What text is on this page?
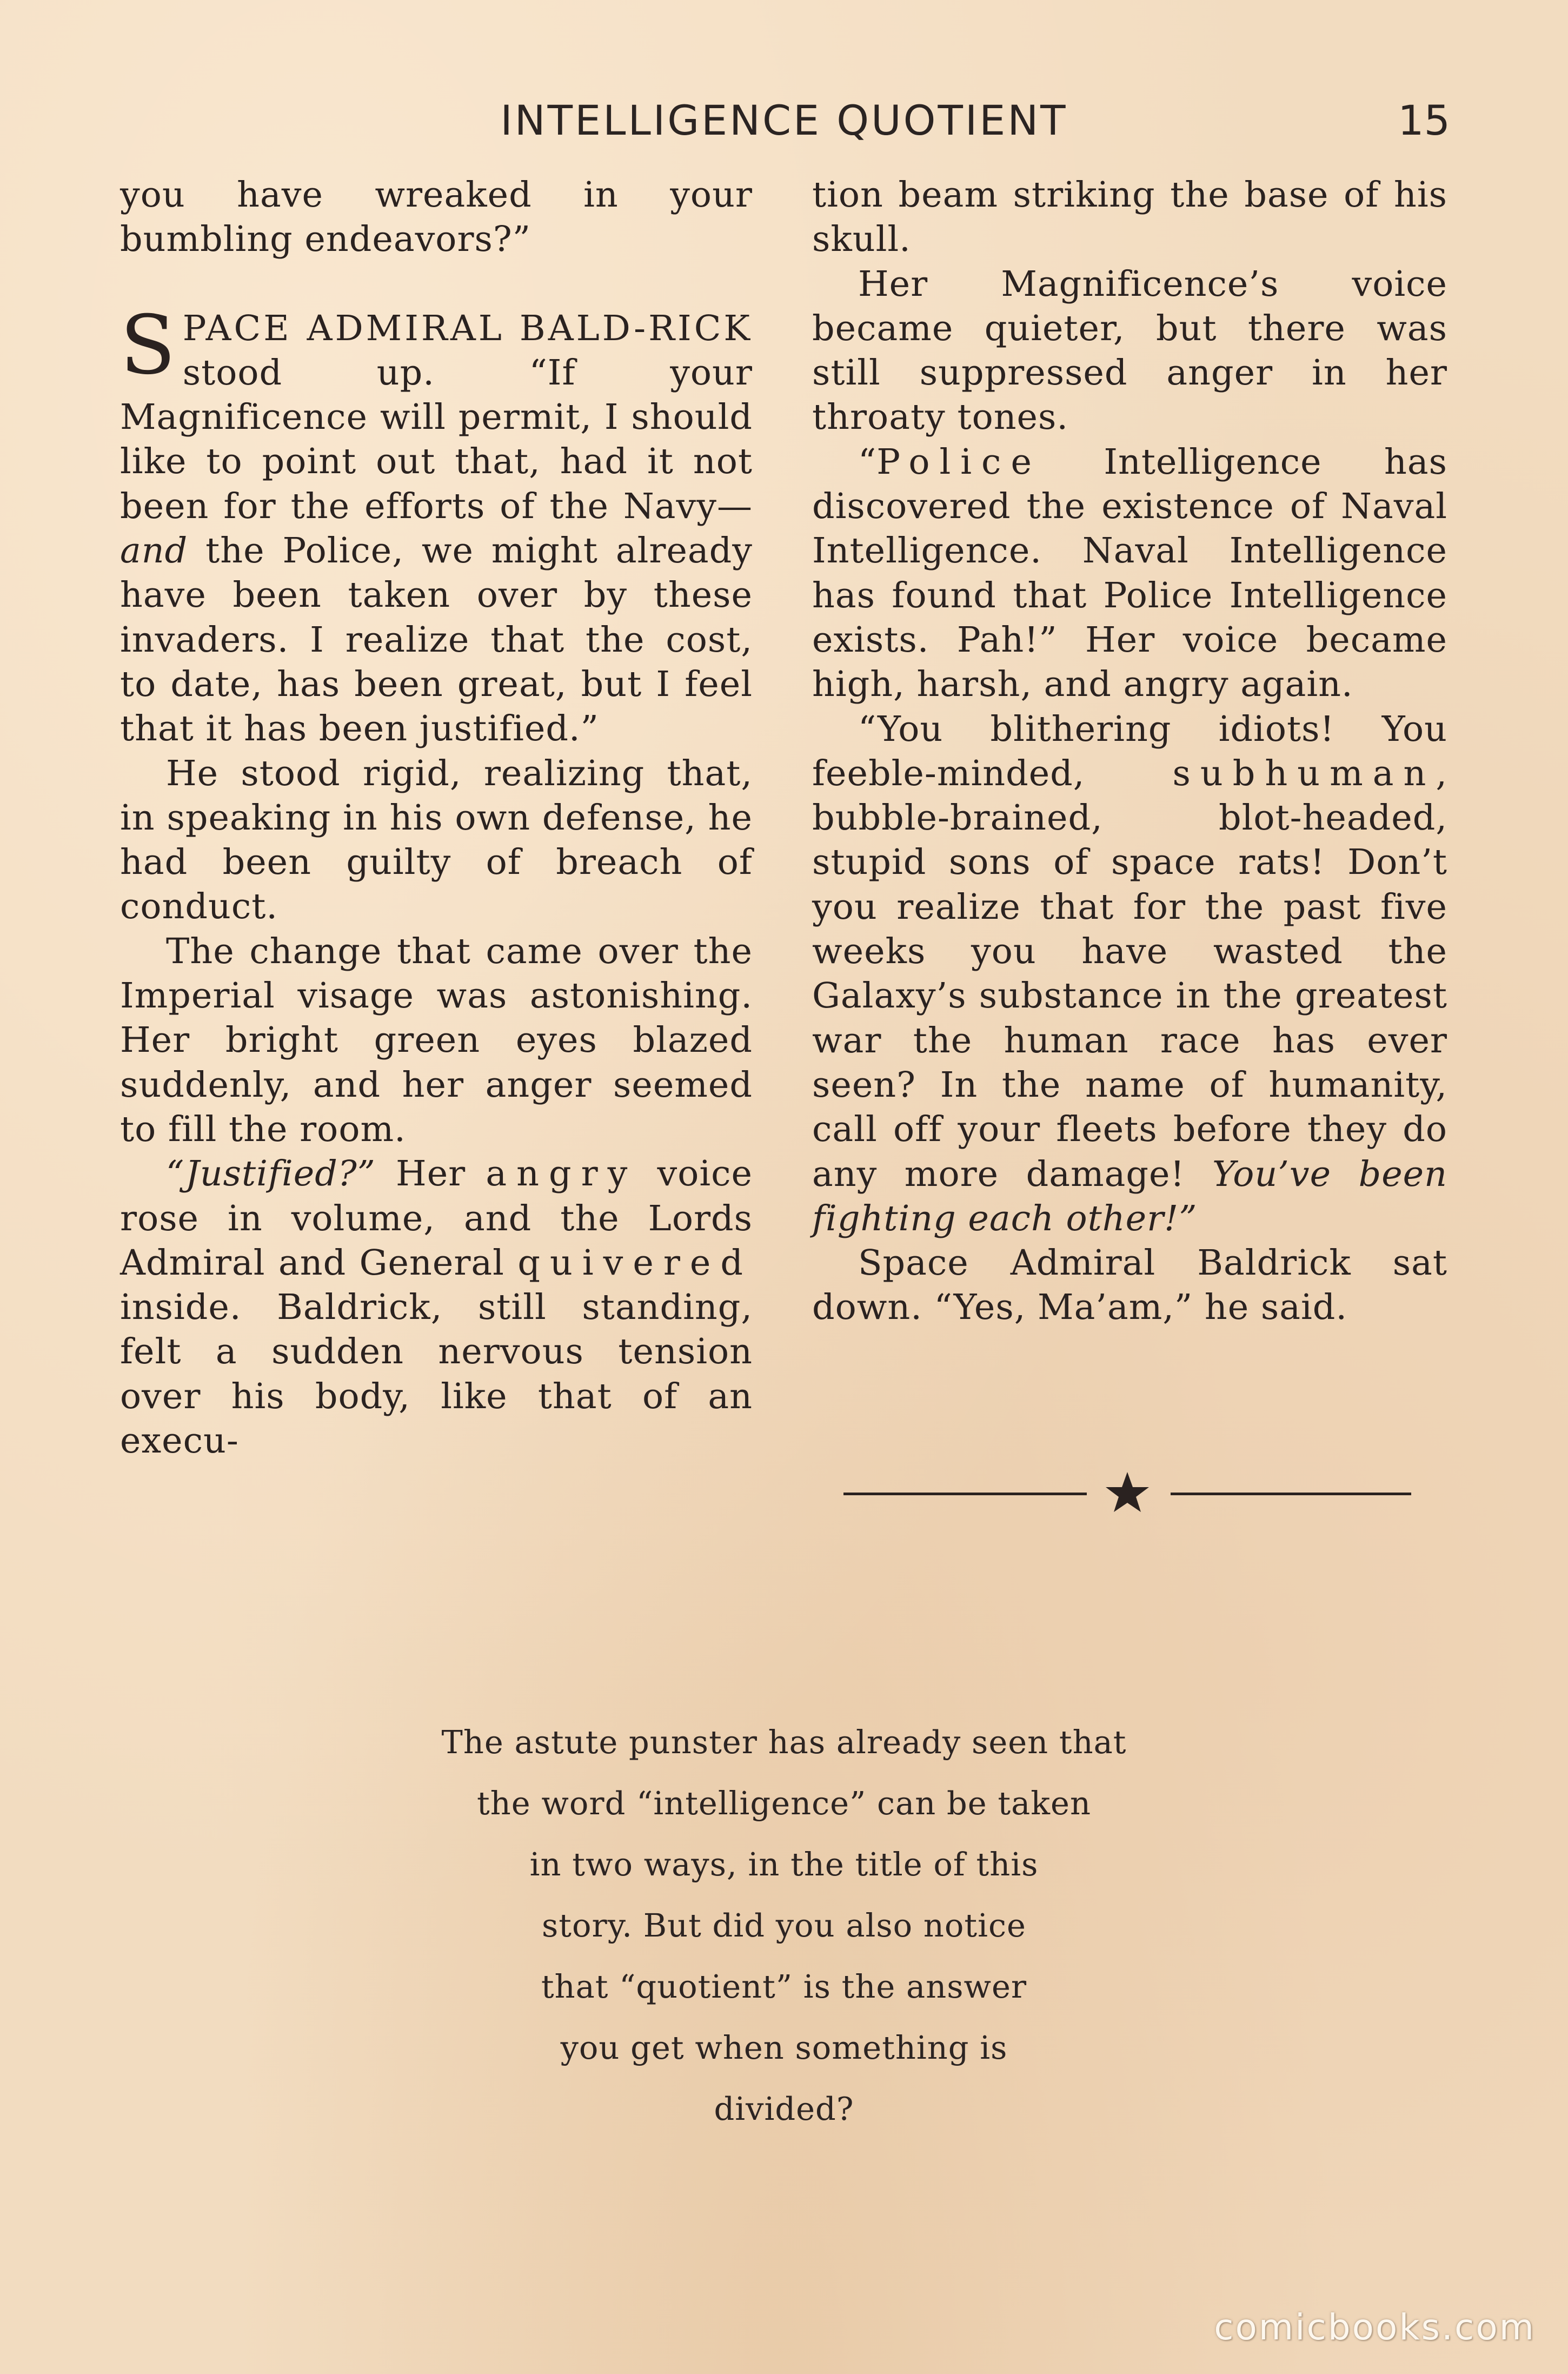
INTELLIGENCE QUOTIENT	15

you have wreaked in your bumbling endeavors?”

SPACE ADMIRAL BALD-RICK stood up. “If your Magnificence will permit, I should like to point out that, had it not been for the efforts of the Navy—and the Police, we might already have been taken over by these invaders. I realize that the cost, to date, has been great, but I feel that it has been justified.”

He stood rigid, realizing that, in speaking in his own defense, he had been guilty of breach of conduct.

The change that came over the Imperial visage was astonishing. Her bright green eyes blazed suddenly, and her anger seemed to fill the room.

“Justified?” Her angry voice rose in volume, and the Lords Admiral and General quivered inside. Baldrick, still standing, felt a sudden nervous tension over his body, like that of an execu-

tion beam striking the base of his skull.

Her Magnificence’s voice became quieter, but there was still suppressed anger in her throaty tones.

“Police Intelligence has discovered the existence of Naval Intelligence. Naval Intelligence has found that Police Intelligence exists. Pah!” Her voice became high, harsh, and angry again.

“You blithering idiots! You feeble-minded, subhuman, bubble-brained, blot-headed, stupid sons of space rats! Don’t you realize that for the past five weeks you have wasted the Galaxy’s substance in the greatest war the human race has ever seen? In the name of humanity, call off your fleets before they do any more damage! You’ve been fighting each other!”

Space Admiral Baldrick sat down. “Yes, Ma’am,” he said.

The astute punster has already seen that
the word “intelligence” can be taken
in two ways, in the title of this
story. But did you also notice
that “quotient” is the answer
you get when something is
divided?
comicbooks.com
